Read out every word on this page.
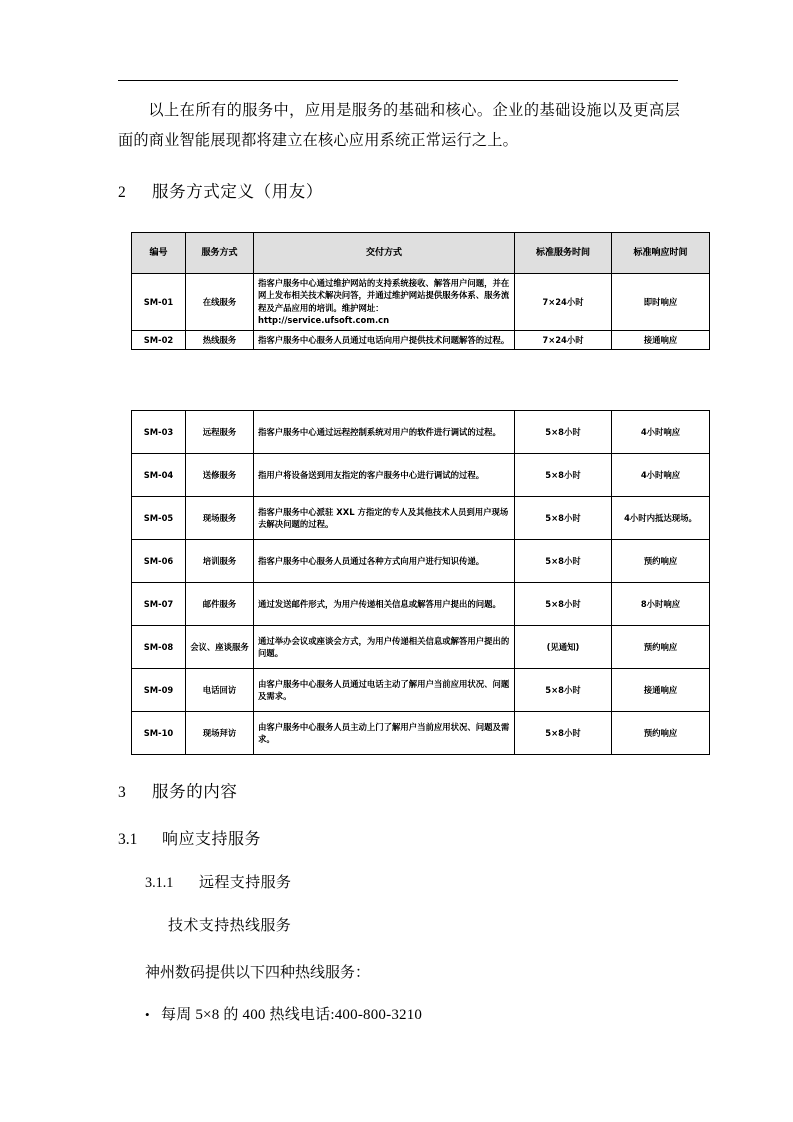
以上在所有的服务中，应用是服务的基础和核心。企业的基础设施以及更高层面的商业智能展现都将建立在核心应用系统正常运行之上。

2	服务方式定义（用友）
编号	服务方式	交付方式	标准服务时间	标准响应时间
SM-01	在线服务	指客户服务中心通过维护网站的支持系统接收、解答用户问题，并在网上发布相关技术解决问答，并通过维护网站提供服务体系、服务流程及产品应用的培训。维护网址：http://service.ufsoft.com.cn	7×24小时	即时响应
SM-02	热线服务	指客户服务中心服务人员通过电话向用户提供技术问题解答的过程。	7×24小时	接通响应
SM-03	远程服务	指客户服务中心通过远程控制系统对用户的软件进行调试的过程。	5×8小时	4小时响应
SM-04	送修服务	指用户将设备送到用友指定的客户服务中心进行调试的过程。	5×8小时	4小时响应
SM-05	现场服务	指客户服务中心派驻 XXL 方指定的专人及其他技术人员到用户现场去解决问题的过程。	5×8小时	4小时内抵达现场。
SM-06	培训服务	指客户服务中心服务人员通过各种方式向用户进行知识传递。	5×8小时	预约响应
SM-07	邮件服务	通过发送邮件形式，为用户传递相关信息或解答用户提出的问题。	5×8小时	8小时响应
SM-08	会议、座谈服务	通过举办会议或座谈会方式，为用户传递相关信息或解答用户提出的问题。	(见通知)	预约响应
SM-09	电话回访	由客户服务中心服务人员通过电话主动了解用户当前应用状况、问题及需求。	5×8小时	接通响应
SM-10	现场拜访	由客户服务中心服务人员主动上门了解用户当前应用状况、问题及需求。	5×8小时	预约响应
3	服务的内容
3.1	响应支持服务
3.1.1	远程支持服务
技术支持热线服务
神州数码提供以下四种热线服务：
• 每周 5×8 的 400 热线电话:400-800-3210
